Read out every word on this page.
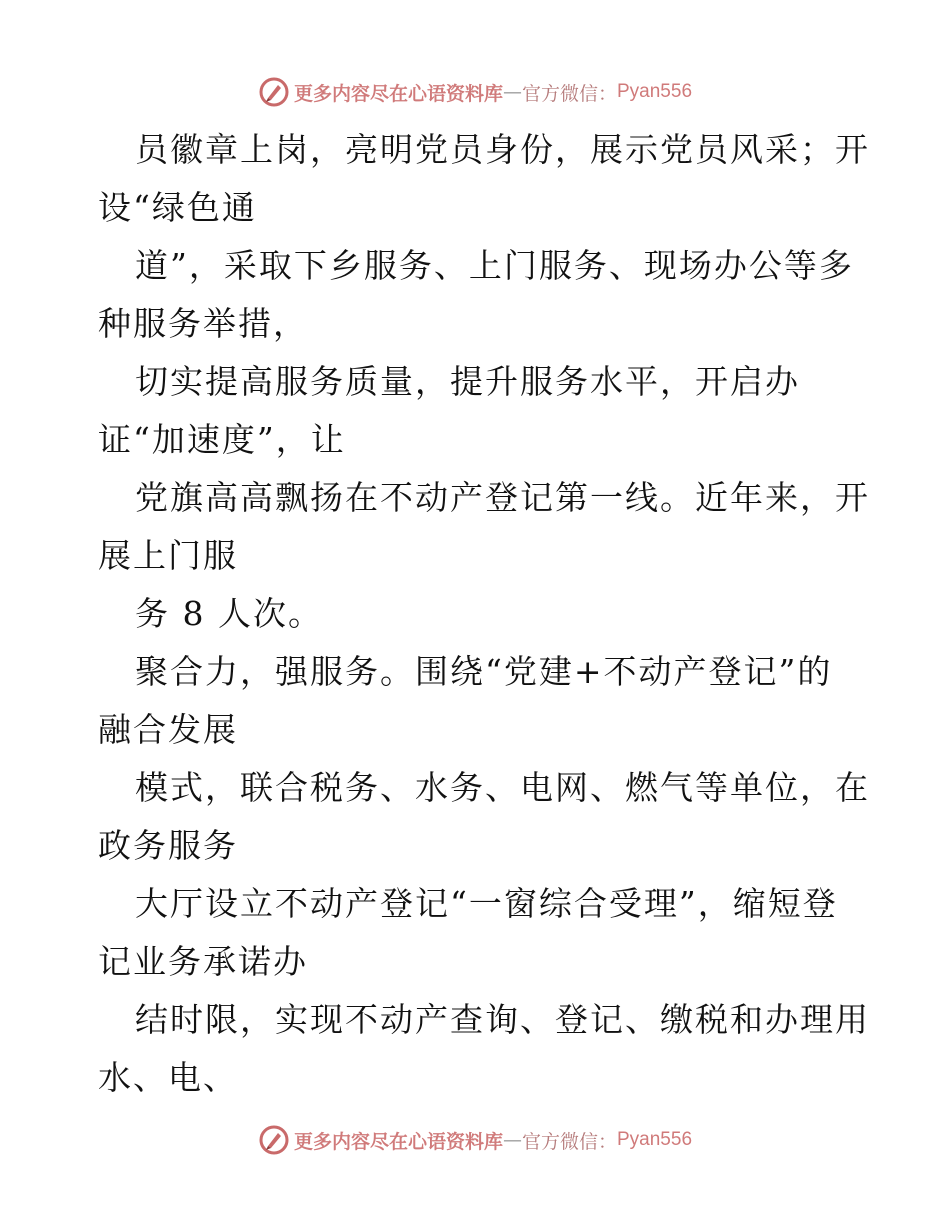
更多内容尽在心语资料库 — 官方微信： Pyan556
员徽章上岗，亮明党员身份，展示党员风采；开
设“绿色通
道”，采取下乡服务、上门服务、现场办公等多
种服务举措，
切实提高服务质量，提升服务水平，开启办
证“加速度”，让
党旗高高飘扬在不动产登记第一线。近年来，开
展上门服
务 8 人次。
聚合力，强服务。围绕“党建+不动产登记”的
融合发展
模式，联合税务、水务、电网、燃气等单位，在
政务服务
大厅设立不动产登记“一窗综合受理”，缩短登
记业务承诺办
结时限，实现不动产查询、登记、缴税和办理用
水、电、
更多内容尽在心语资料库 — 官方微信： Pyan556
